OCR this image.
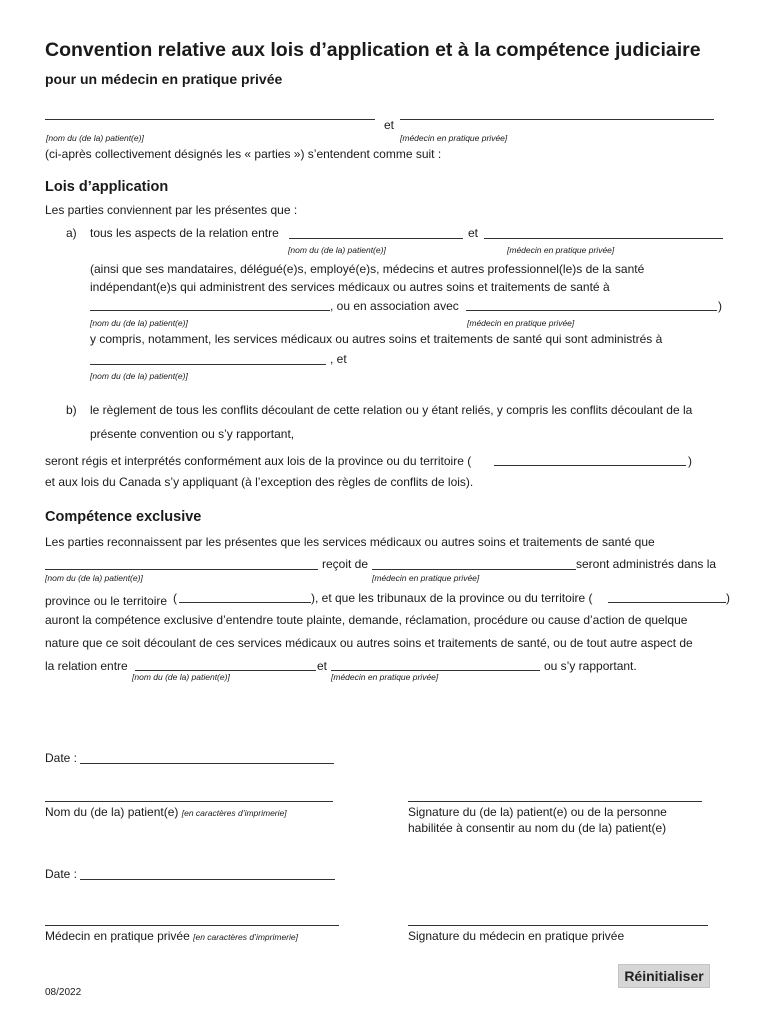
Convention relative aux lois d’application et à la compétence judiciaire
pour un médecin en pratique privée
et
[nom du (de la) patient(e)]	[médecin en pratique privée]
(ci-après collectivement désignés les « parties ») s’entendent comme suit :
Lois d’application
Les parties conviennent par les présentes que :
a) tous les aspects de la relation entre	et
[nom du (de la) patient(e)]	[médecin en pratique privée]
(ainsi que ses mandataires, délégué(e)s, employé(e)s, médecins et autres professionnel(le)s de la santé
indépendant(e)s qui administrent des services médicaux ou autres soins et traitements de santé à
, ou en association avec	)
[nom du (de la) patient(e)]	[médecin en pratique privée]
y compris, notamment, les services médicaux ou autres soins et traitements de santé qui sont administrés à
, et
[nom du (de la) patient(e)]
b) le règlement de tous les conflits découlant de cette relation ou y étant reliés, y compris les conflits découlant de la
présente convention ou s’y rapportant,
seront régis et interprétés conformément aux lois de la province ou du territoire (	)
et aux lois du Canada s’y appliquant (à l’exception des règles de conflits de lois).
Compétence exclusive
Les parties reconnaissent par les présentes que les services médicaux ou autres soins et traitements de santé que
reçoit de	seront administrés dans la
[nom du (de la) patient(e)]	[médecin en pratique privée]
province ou le territoire (	), et que les tribunaux de la province ou du territoire (	)
auront la compétence exclusive d’entendre toute plainte, demande, réclamation, procédure ou cause d’action de quelque
nature que ce soit découlant de ces services médicaux ou autres soins et traitements de santé, ou de tout autre aspect de
la relation entre	et	ou s’y rapportant.
[nom du (de la) patient(e)]	[médecin en pratique privée]
Date :
Nom du (de la) patient(e) [en caractères d’imprimerie]	Signature du (de la) patient(e) ou de la personne
habilitée à consentir au nom du (de la) patient(e)
Date :
Médecin en pratique privée [en caractères d’imprimerie]	Signature du médecin en pratique privée
Réinitialiser
08/2022
